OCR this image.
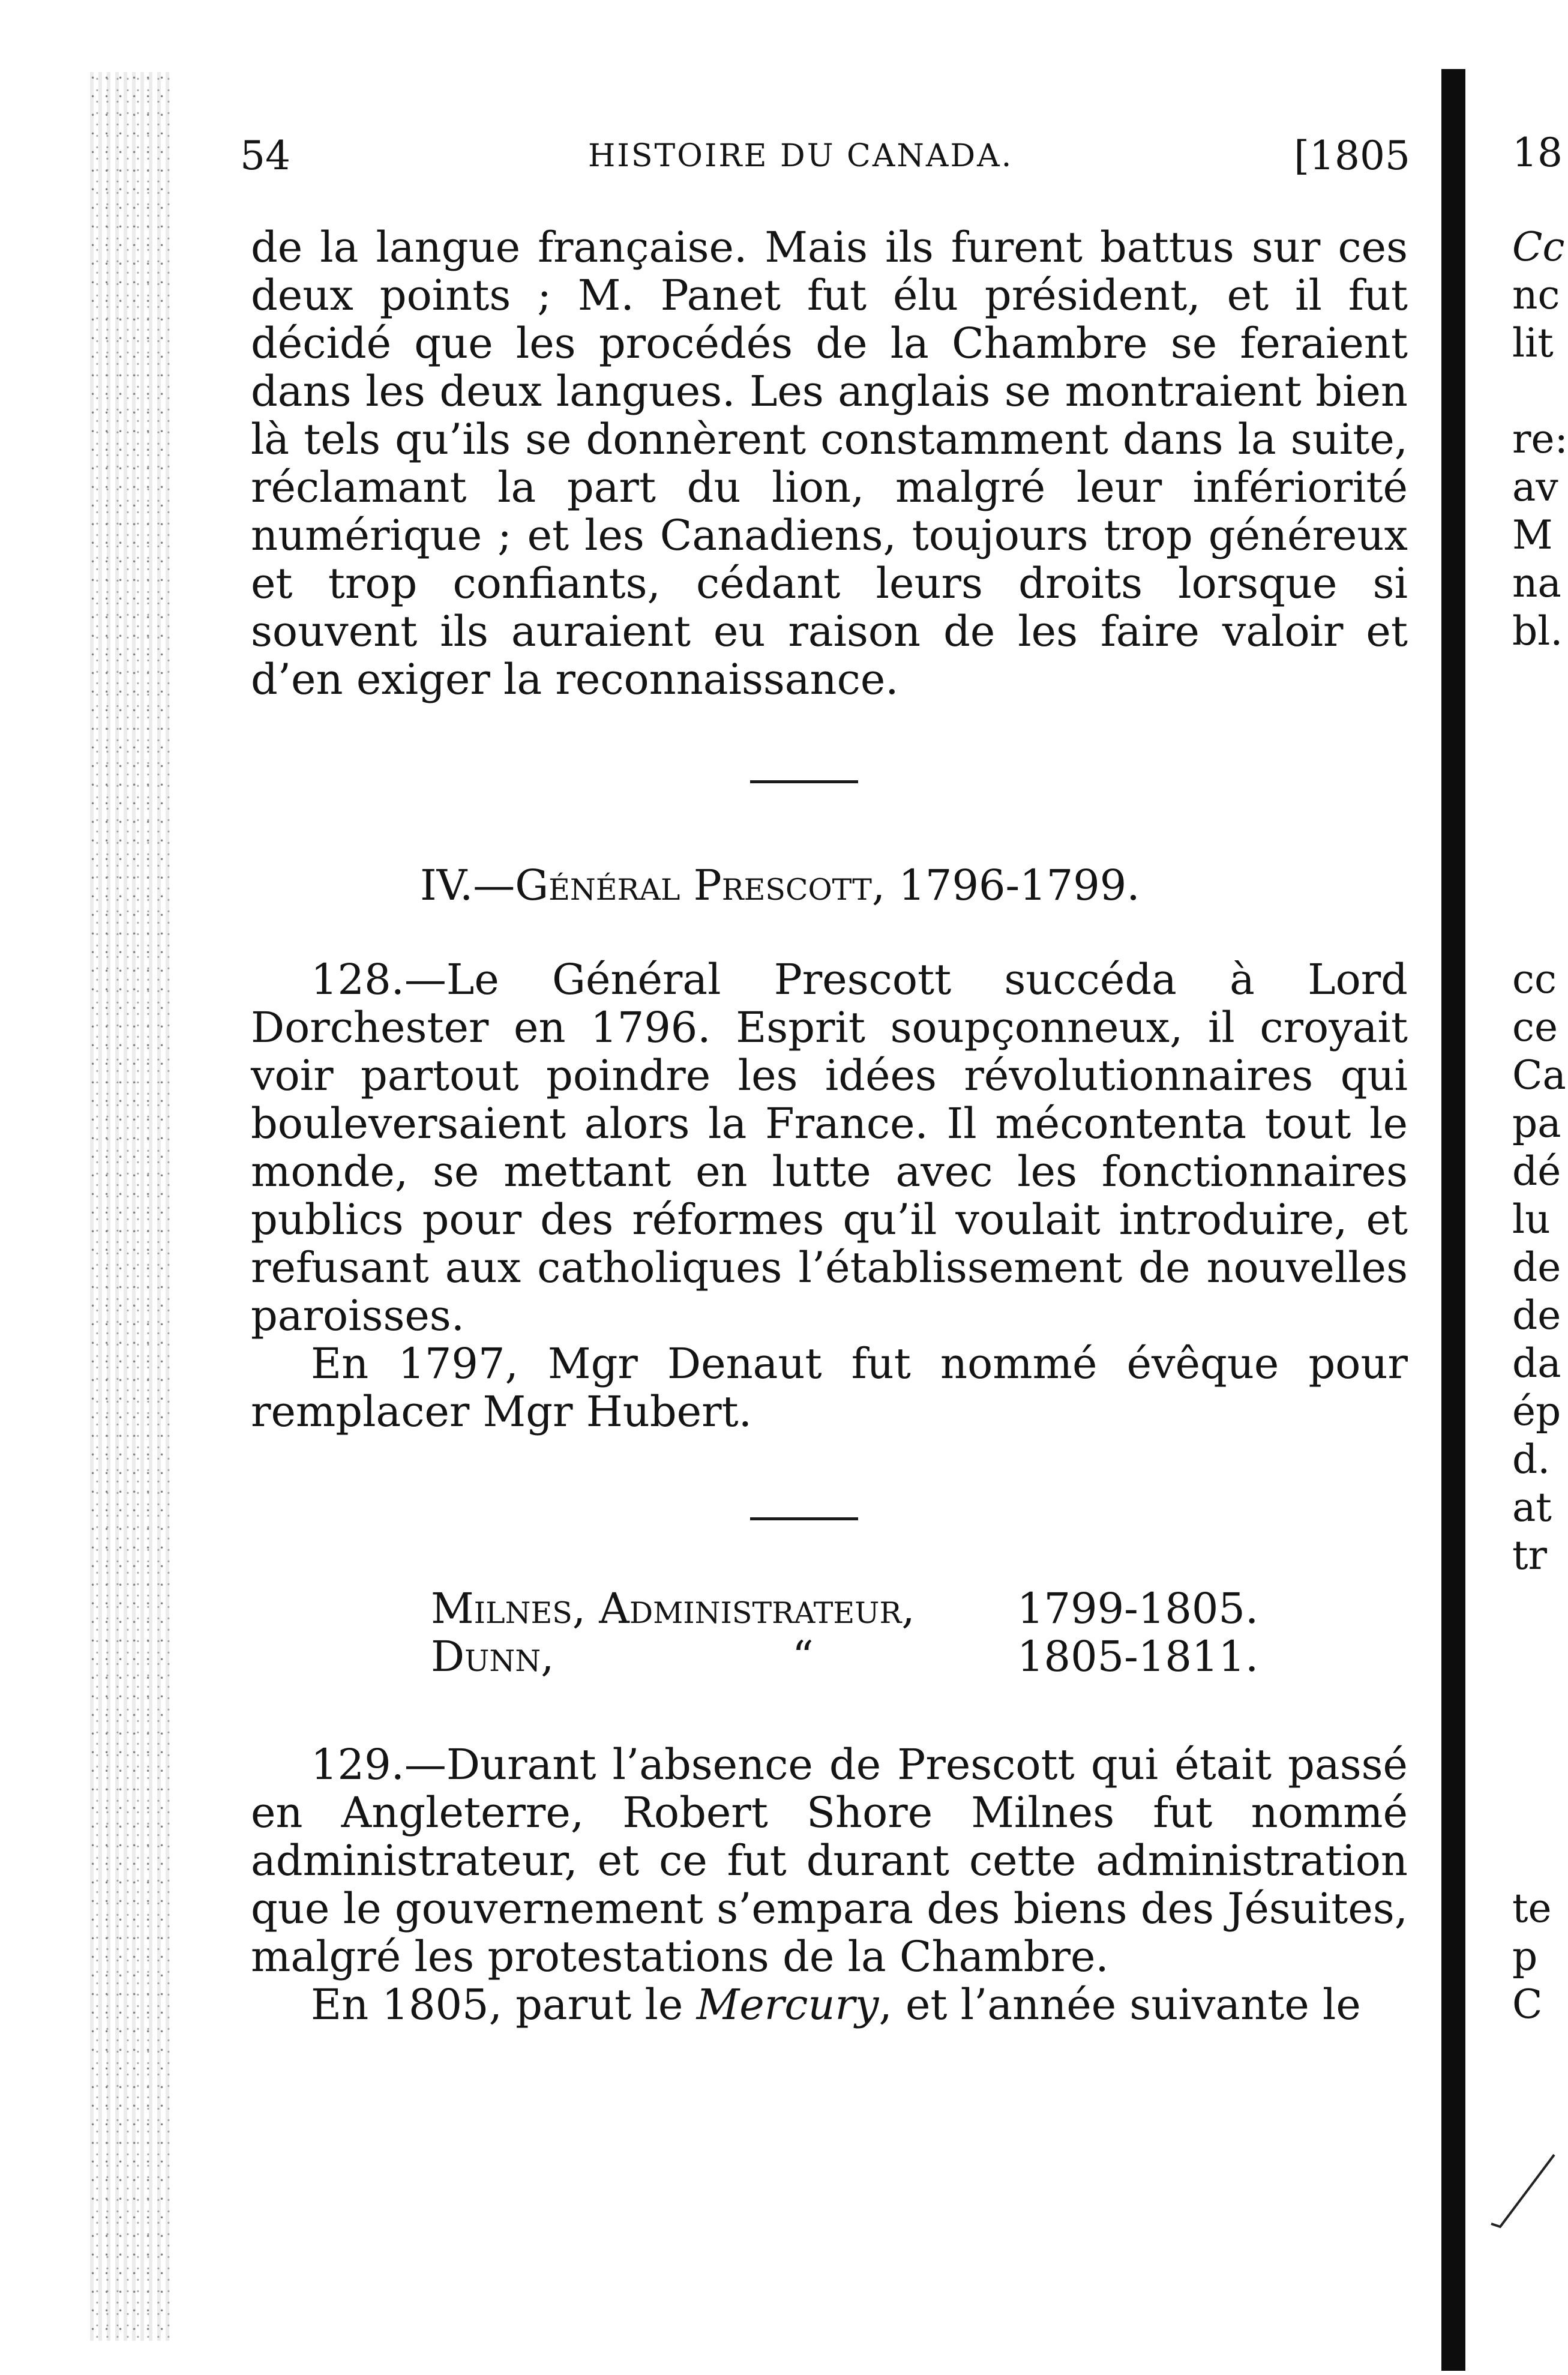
54	HISTOIRE DU CANADA.	[1805

de la langue française. Mais ils furent battus sur ces deux points ; M. Panet fut élu président, et il fut décidé que les procédés de la Chambre se feraient dans les deux langues. Les anglais se montraient bien là tels qu’ils se donnèrent constamment dans la suite, réclamant la part du lion, malgré leur infériorité numérique ; et les Canadiens, toujours trop généreux et trop confiants, cédant leurs droits lorsque si souvent ils auraient eu raison de les faire valoir et d’en exiger la reconnaissance.

IV.—Général Prescott, 1796-1799.

128.—Le Général Prescott succéda à Lord Dorchester en 1796. Esprit soupçonneux, il croyait voir partout poindre les idées révolutionnaires qui bouleversaient alors la France. Il mécontenta tout le monde, se mettant en lutte avec les fonctionnaires publics pour des réformes qu’il voulait introduire, et refusant aux catholiques l’établissement de nouvelles paroisses.

En 1797, Mgr Denaut fut nommé évêque pour remplacer Mgr Hubert.

Milnes, Administrateur, 1799-1805.
Dunn,	“	1805-1811.

129.—Durant l’absence de Prescott qui était passé en Angleterre, Robert Shore Milnes fut nommé administrateur, et ce fut durant cette administration que le gouvernement s’empara des biens des Jésuites, malgré les protestations de la Chambre.

En 1805, parut le Mercury, et l’année suivante le

18
Cc
nc
lit
re:
av
M
na
bl.
cc
ce
Ca
pa
dé
lu
de
de
da
ép
d.
at
tr
te
p
C
